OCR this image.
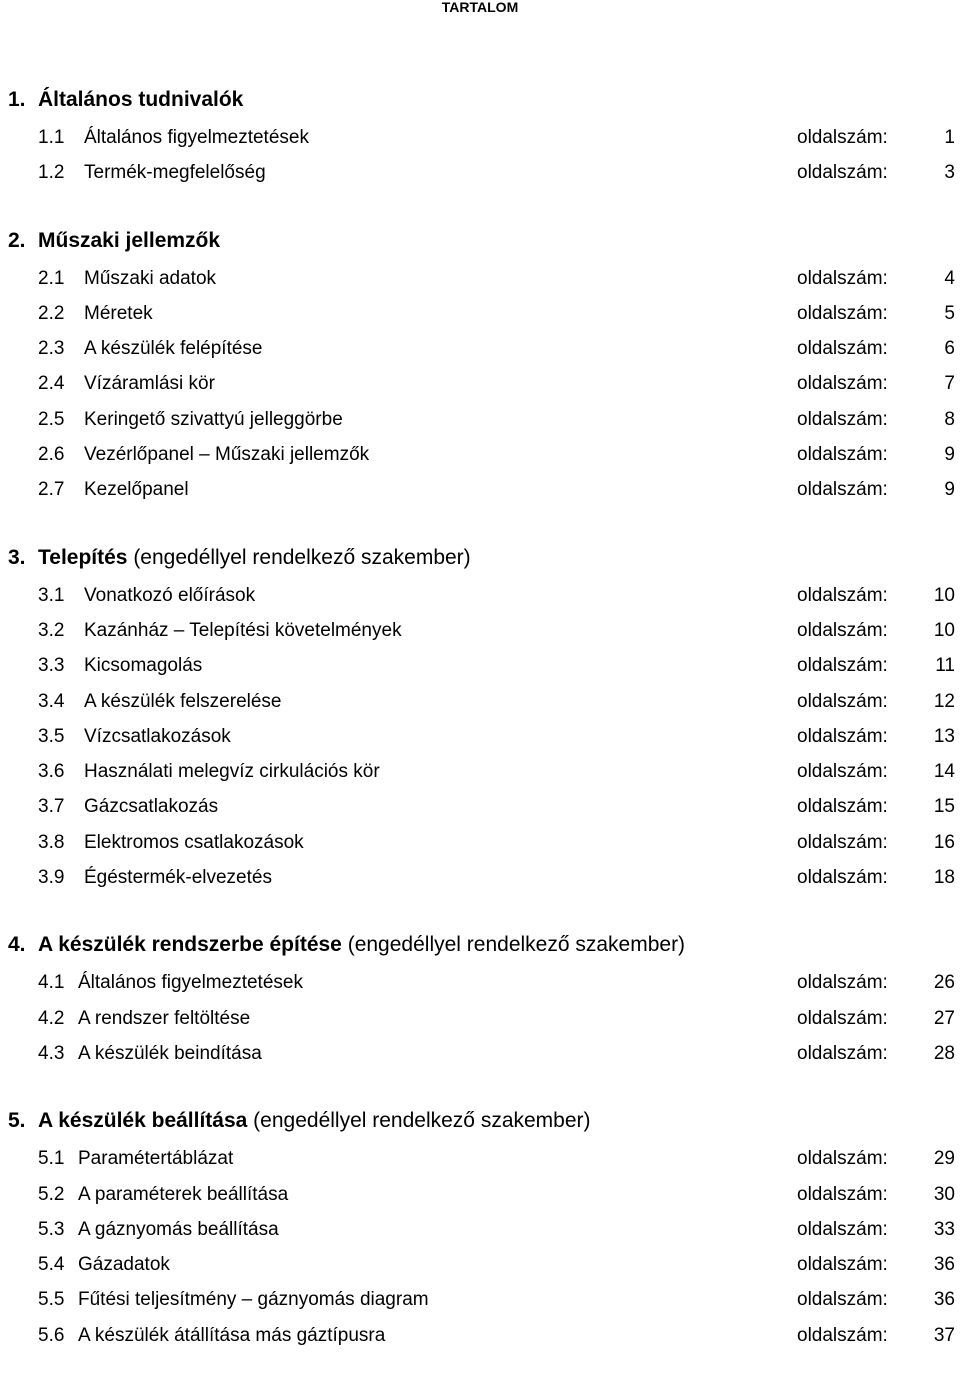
TARTALOM
1. Általános tudnivalók
1.1 Általános figyelmeztetések	oldalszám:	1
1.2 Termék-megfelelőség	oldalszám:	3
2. Műszaki jellemzők
2.1 Műszaki adatok	oldalszám:	4
2.2 Méretek	oldalszám:	5
2.3 A készülék felépítése	oldalszám:	6
2.4 Vízáramlási kör	oldalszám:	7
2.5 Keringető szivattyú jelleggörbe	oldalszám:	8
2.6 Vezérlőpanel – Műszaki jellemzők	oldalszám:	9
2.7 Kezelőpanel	oldalszám:	9
3. Telepítés (engedéllyel rendelkező szakember)
3.1 Vonatkozó előírások	oldalszám: 10
3.2 Kazánház – Telepítési követelmények	oldalszám: 10
3.3 Kicsomagolás	oldalszám: 11
3.4 A készülék felszerelése	oldalszám: 12
3.5 Vízcsatlakozások	oldalszám: 13
3.6 Használati melegvíz cirkulációs kör	oldalszám: 14
3.7 Gázcsatlakozás	oldalszám: 15
3.8 Elektromos csatlakozások	oldalszám: 16
3.9 Égéstermék-elvezetés	oldalszám: 18
4. A készülék rendszerbe építése (engedéllyel rendelkező szakember)
4.1 Általános figyelmeztetések	oldalszám: 26
4.2 A rendszer feltöltése	oldalszám: 27
4.3 A készülék beindítása	oldalszám: 28
5. A készülék beállítása (engedéllyel rendelkező szakember)
5.1 Paramétertáblázat	oldalszám: 29
5.2 A paraméterek beállítása	oldalszám: 30
5.3 A gáznyomás beállítása	oldalszám: 33
5.4 Gázadatok	oldalszám: 36
5.5 Fűtési teljesítmény – gáznyomás diagram	oldalszám: 36
5.6 A készülék átállítása más gáztípusra	oldalszám: 37
